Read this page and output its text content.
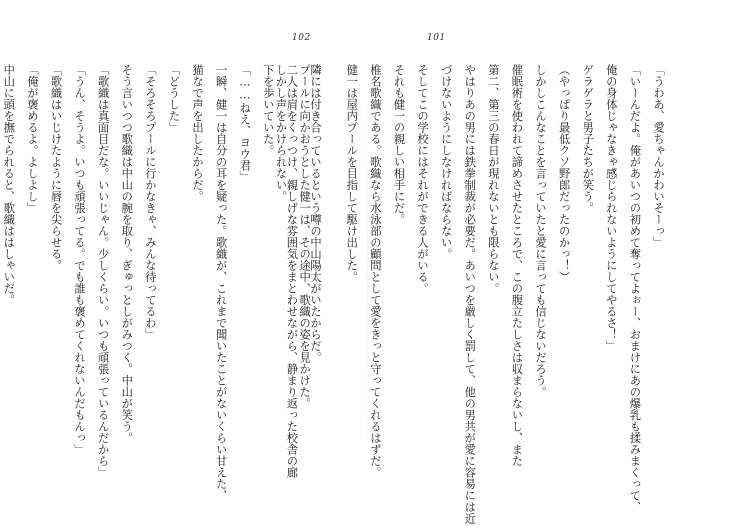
102	101
「うわあ、愛ちゃんかわいそーっ」
「いーんだよ。俺があいつの初めて奪ってよぉー、おまけにあの爆乳も揉みまくって、
俺の身体じゃなきゃ感じられないようにしてやるさ！」
ゲラゲラと男子たちが笑う。
（やっぱり最低クソ野郎だったのかっ！）
しかしこんなことを言っていたと愛に言っても信じないだろう。
催眠術を使われて諦めさせたところで、この腹立たしさは収まらないし、また
第二、第三の春日が現れないとも限らない。
やはりあの男には鉄拳制裁が必要だ。あいつを厳しく罰して、他の男共が愛に容易には近
づけないようにしなければならない。
そしてこの学校にはそれができる人がいる。
それも健一の親しい相手にだ。
椎名歌織である。歌織なら水泳部の顧問として愛をきっと守ってくれるはずだ。
健一は屋内プールを目指して駆け出した。

プールに向かおうとした健一は、その途中、歌織の姿を見かけた。
しかし声をかけられない。	隣には付き合っているという噂の中山陽太がいたからだ。
二人は肩をくっつけ、親しげな雰囲気をまとわせながら、静まり返った校舎の廊
下を歩いていた。
「……ねえ、ヨウ君」
一瞬、健一は自分の耳を疑った。歌織が、これまで聞いたことがないくらい甘えた、
猫なで声を出したからだ。
「どうした」
「そろそろプールに行かなきゃ、みんな待ってるわ」
そう言いつつ歌織は中山の腕を取り、ぎゅっとしがみつく。中山が笑う。
「歌織は真面目だな。いいじゃん。少しくらい。いつも頑張っているんだから」
「うん、そうよ。いつも頑張ってる。でも誰も褒めてくれないんだもんっ」
「歌織はいじけたように唇を尖らせる。
「俺が褒めるよ。よしよし」
中山に頭を撫でられると、歌織ははしゃいだ。
